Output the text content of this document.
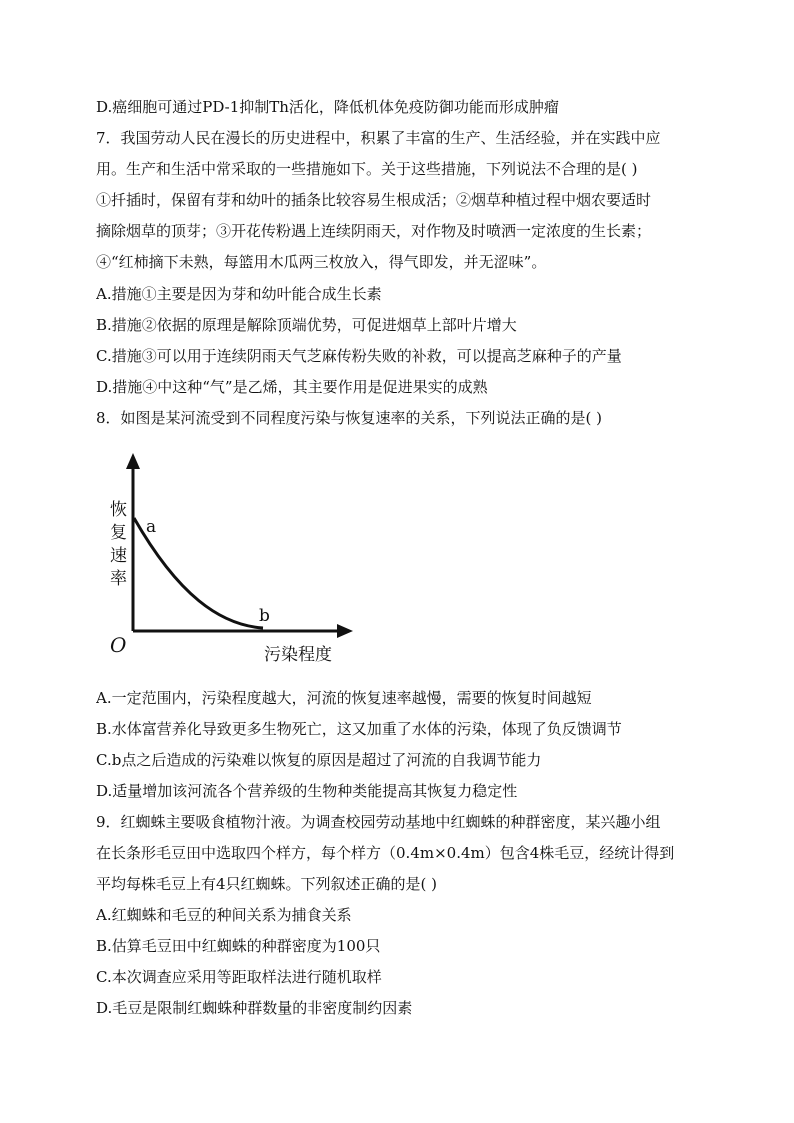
D.癌细胞可通过PD-1抑制Th活化，降低机体免疫防御功能而形成肿瘤
7．我国劳动人民在漫长的历史进程中，积累了丰富的生产、生活经验，并在实践中应
用。生产和生活中常采取的一些措施如下。关于这些措施，下列说法不合理的是( )
①扦插时，保留有芽和幼叶的插条比较容易生根成活；②烟草种植过程中烟农要适时
摘除烟草的顶芽；③开花传粉遇上连续阴雨天，对作物及时喷洒一定浓度的生长素；
④“红柿摘下未熟，每篮用木瓜两三枚放入，得气即发，并无涩味”。
A.措施①主要是因为芽和幼叶能合成生长素
B.措施②依据的原理是解除顶端优势，可促进烟草上部叶片增大
C.措施③可以用于连续阴雨天气芝麻传粉失败的补救，可以提高芝麻种子的产量
D.措施④中这种“气”是乙烯，其主要作用是促进果实的成熟
8．如图是某河流受到不同程度污染与恢复速率的关系，下列说法正确的是( )
恢
复
速
率
a
b
O	污染程度
A.一定范围内，污染程度越大，河流的恢复速率越慢，需要的恢复时间越短
B.水体富营养化导致更多生物死亡，这又加重了水体的污染，体现了负反馈调节
C.b点之后造成的污染难以恢复的原因是超过了河流的自我调节能力
D.适量增加该河流各个营养级的生物种类能提高其恢复力稳定性
9．红蜘蛛主要吸食植物汁液。为调查校园劳动基地中红蜘蛛的种群密度，某兴趣小组
在长条形毛豆田中选取四个样方，每个样方（0.4m×0.4m）包含4株毛豆，经统计得到
平均每株毛豆上有4只红蜘蛛。下列叙述正确的是( )
A.红蜘蛛和毛豆的种间关系为捕食关系
B.估算毛豆田中红蜘蛛的种群密度为100只
C.本次调查应采用等距取样法进行随机取样
D.毛豆是限制红蜘蛛种群数量的非密度制约因素
